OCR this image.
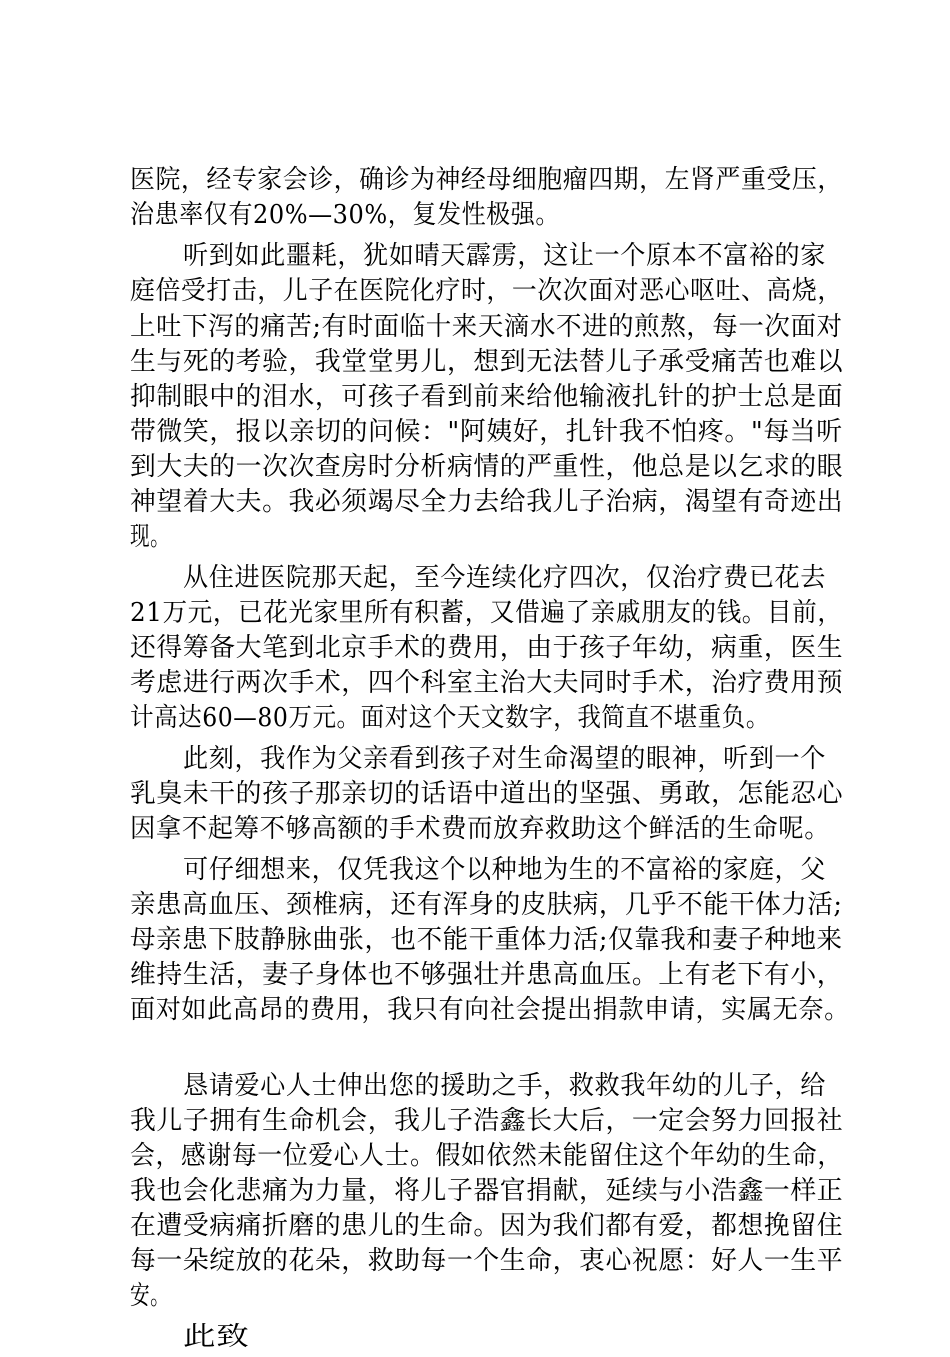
医院，经专家会诊，确诊为神经母细胞瘤四期，左肾严重受压，
治患率仅有20%—30%，复发性极强。
听到如此噩耗，犹如晴天霹雳，这让一个原本不富裕的家
庭倍受打击，儿子在医院化疗时，一次次面对恶心呕吐、高烧，
上吐下泻的痛苦;有时面临十来天滴水不进的煎熬，每一次面对
生与死的考验，我堂堂男儿，想到无法替儿子承受痛苦也难以
抑制眼中的泪水，可孩子看到前来给他输液扎针的护士总是面
带微笑，报以亲切的问候："阿姨好，扎针我不怕疼。"每当听
到大夫的一次次查房时分析病情的严重性，他总是以乞求的眼
神望着大夫。我必须竭尽全力去给我儿子治病，渴望有奇迹出
现。
从住进医院那天起，至今连续化疗四次，仅治疗费已花去
21万元，已花光家里所有积蓄，又借遍了亲戚朋友的钱。目前，
还得筹备大笔到北京手术的费用，由于孩子年幼，病重，医生
考虑进行两次手术，四个科室主治大夫同时手术，治疗费用预
计高达60—80万元。面对这个天文数字，我简直不堪重负。
此刻，我作为父亲看到孩子对生命渴望的眼神，听到一个
乳臭未干的孩子那亲切的话语中道出的坚强、勇敢，怎能忍心
因拿不起筹不够高额的手术费而放弃救助这个鲜活的生命呢。
可仔细想来，仅凭我这个以种地为生的不富裕的家庭，父
亲患高血压、颈椎病，还有浑身的皮肤病，几乎不能干体力活;
母亲患下肢静脉曲张，也不能干重体力活;仅靠我和妻子种地来
维持生活，妻子身体也不够强壮并患高血压。上有老下有小，
面对如此高昂的费用，我只有向社会提出捐款申请，实属无奈。
恳请爱心人士伸出您的援助之手，救救我年幼的儿子，给
我儿子拥有生命机会，我儿子浩鑫长大后，一定会努力回报社
会，感谢每一位爱心人士。假如依然未能留住这个年幼的生命，
我也会化悲痛为力量，将儿子器官捐献，延续与小浩鑫一样正
在遭受病痛折磨的患儿的生命。因为我们都有爱，都想挽留住
每一朵绽放的花朵，救助每一个生命，衷心祝愿：好人一生平
安。
此致
